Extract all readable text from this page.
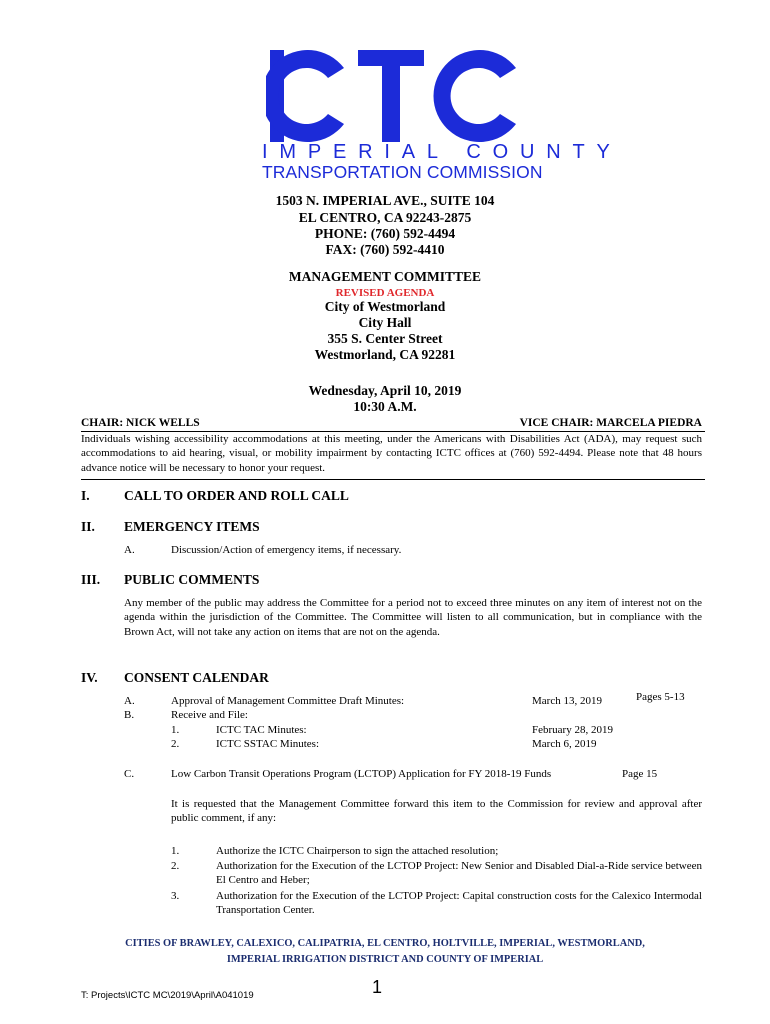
IMPERIAL COUNTY
TRANSPORTATION COMMISSION
1503 N. IMPERIAL AVE., SUITE 104
EL CENTRO, CA 92243-2875
PHONE: (760) 592-4494
FAX: (760) 592-4410
MANAGEMENT COMMITTEE
REVISED AGENDA
City of Westmorland
City Hall
355 S. Center Street
Westmorland, CA 92281
Wednesday, April 10, 2019
10:30 A.M.
CHAIR: NICK WELLS	VICE CHAIR: MARCELA PIEDRA
Individuals wishing accessibility accommodations at this meeting, under the Americans with Disabilities Act (ADA), may request such accommodations to aid hearing, visual, or mobility impairment by contacting ICTC offices at (760) 592-4494. Please note that 48 hours advance notice will be necessary to honor your request.
I.	CALL TO ORDER AND ROLL CALL
II. EMERGENCY ITEMS
A.	Discussion/Action of emergency items, if necessary.
III. PUBLIC COMMENTS
Any member of the public may address the Committee for a period not to exceed three minutes on any item of interest not on the agenda within the jurisdiction of the Committee. The Committee will listen to all communication, but in compliance with the Brown Act, will not take any action on items that are not on the agenda.
IV. CONSENT CALENDAR
A.	Approval of Management Committee Draft Minutes:	March 13, 2019	Pages 5-13
B.	Receive and File:
1.	ICTC TAC Minutes:	February 28, 2019
2.	ICTC SSTAC Minutes:	March 6, 2019
C.	Low Carbon Transit Operations Program (LCTOP) Application for FY 2018-19 Funds	Page 15
It is requested that the Management Committee forward this item to the Commission for review and approval after public comment, if any:
1.	Authorize the ICTC Chairperson to sign the attached resolution;
2.	Authorization for the Execution of the LCTOP Project: New Senior and Disabled Dial-a-Ride service between El Centro and Heber;
3.	Authorization for the Execution of the LCTOP Project: Capital construction costs for the Calexico Intermodal Transportation Center.
CITIES OF BRAWLEY, CALEXICO, CALIPATRIA, EL CENTRO, HOLTVILLE, IMPERIAL, WESTMORLAND,
IMPERIAL IRRIGATION DISTRICT AND COUNTY OF IMPERIAL
1
T: Projects\ICTC MC\2019\April\A041019
